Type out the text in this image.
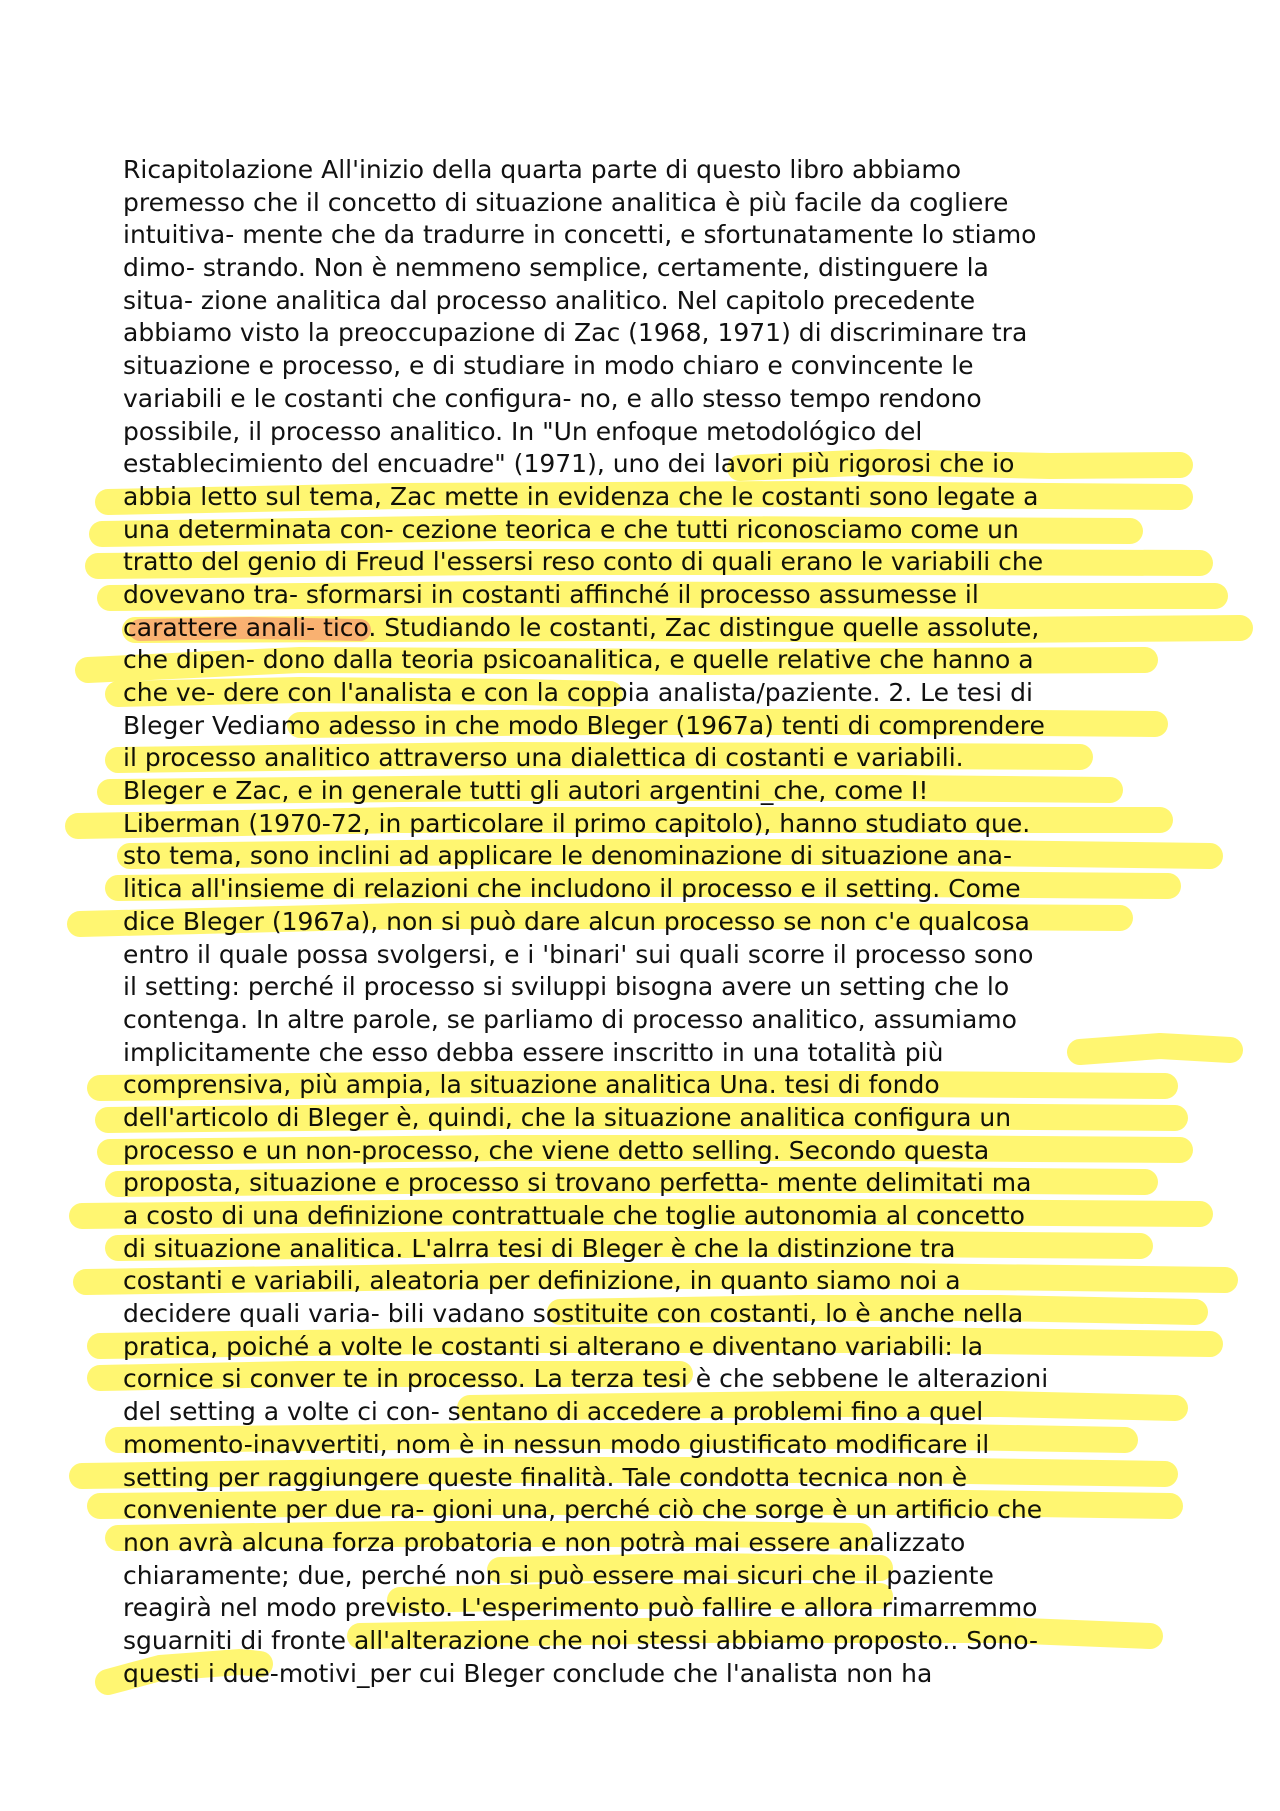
Ricapitolazione All'inizio della quarta parte di questo libro abbiamo
premesso che il concetto di situazione analitica è più facile da cogliere
intuitiva- mente che da tradurre in concetti, e sfortunatamente lo stiamo
dimo- strando. Non è nemmeno semplice, certamente, distinguere la
situa- zione analitica dal processo analitico. Nel capitolo precedente
abbiamo visto la preoccupazione di Zac (1968, 1971) di discriminare tra
situazione e processo, e di studiare in modo chiaro e convincente le
variabili e le costanti che configura- no, e allo stesso tempo rendono
possibile, il processo analitico. In "Un enfoque metodológico del
establecimiento del encuadre" (1971), uno dei lavori più rigorosi che io
abbia letto sul tema, Zac mette in evidenza che le costanti sono legate a
una determinata con- cezione teorica e che tutti riconosciamo come un
tratto del genio di Freud l'essersi reso conto di quali erano le variabili che
dovevano tra- sformarsi in costanti affinché il processo assumesse il
carattere anali- tico. Studiando le costanti, Zac distingue quelle assolute,
che dipen- dono dalla teoria psicoanalitica, e quelle relative che hanno a
che ve- dere con l'analista e con la coppia analista/paziente. 2. Le tesi di
Bleger Vediamo adesso in che modo Bleger (1967a) tenti di comprendere
il processo analitico attraverso una dialettica di costanti e variabili.
Bleger e Zac, e in generale tutti gli autori argentini_che, come I!
Liberman (1970-72, in particolare il primo capitolo), hanno studiato que.
sto tema, sono inclini ad applicare le denominazione di situazione ana-
litica all'insieme di relazioni che includono il processo e il setting. Come
dice Bleger (1967a), non si può dare alcun processo se non c'e qualcosa
entro il quale possa svolgersi, e i 'binari' sui quali scorre il processo sono
il setting: perché il processo si sviluppi bisogna avere un setting che lo
contenga. In altre parole, se parliamo di processo analitico, assumiamo
implicitamente che esso debba essere inscritto in una totalità più
comprensiva, più ampia, la situazione analitica Una. tesi di fondo
dell'articolo di Bleger è, quindi, che la situazione analitica configura un
processo e un non-processo, che viene detto selling. Secondo questa
proposta, situazione e processo si trovano perfetta- mente delimitati ma
a costo di una definizione contrattuale che toglie autonomia al concetto
di situazione analitica. L'alrra tesi di Bleger è che la distinzione tra
costanti e variabili, aleatoria per definizione, in quanto siamo noi a
decidere quali varia- bili vadano sostituite con costanti, lo è anche nella
pratica, poiché a volte le costanti si alterano e diventano variabili: la
cornice si conver te in processo. La terza tesi è che sebbene le alterazioni
del setting a volte ci con- sentano di accedere a problemi fino a quel
momento-inavvertiti, nom è in nessun modo giustificato modificare il
setting per raggiungere queste finalità. Tale condotta tecnica non è
conveniente per due ra- gioni una, perché ciò che sorge è un artificio che
non avrà alcuna forza probatoria e non potrà mai essere analizzato
chiaramente; due, perché non si può essere mai sicuri che il paziente
reagirà nel modo previsto. L'esperimento può fallire e allora rimarremmo
sguarniti di fronte all'alterazione che noi stessi abbiamo proposto.. Sono-
questi i due-motivi_per cui Bleger conclude che l'analista non ha
